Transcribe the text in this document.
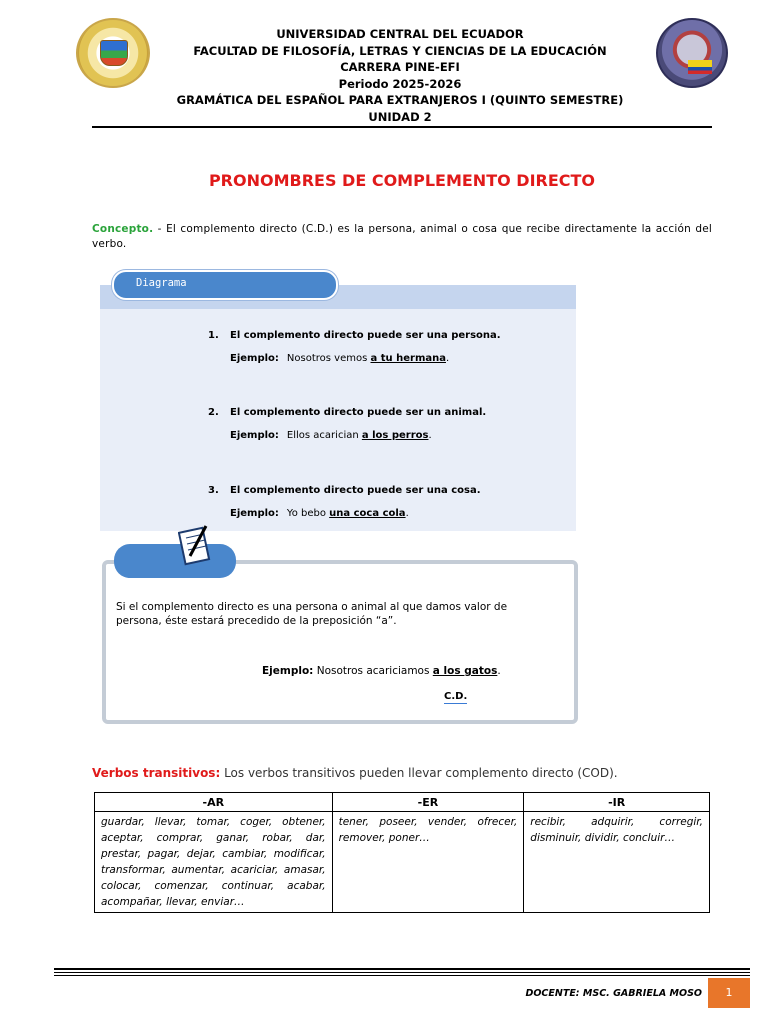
UNIVERSIDAD CENTRAL DEL ECUADOR
FACULTAD DE FILOSOFÍA, LETRAS Y CIENCIAS DE LA EDUCACIÓN
CARRERA PINE-EFI
Periodo 2025-2026
GRAMÁTICA DEL ESPAÑOL PARA EXTRANJEROS I (QUINTO SEMESTRE)
UNIDAD 2
PRONOMBRES DE COMPLEMENTO DIRECTO
Concepto. - El complemento directo (C.D.) es la persona, animal o cosa que recibe directamente la acción del verbo.
Diagrama
1. El complemento directo puede ser una persona.
Ejemplo: Nosotros vemos a tu hermana.
2. El complemento directo puede ser un animal.
Ejemplo: Ellos acarician a los perros.
3. El complemento directo puede ser una cosa.
Ejemplo: Yo bebo una coca cola.
Si el complemento directo es una persona o animal al que damos valor de persona, éste estará precedido de la preposición “a”.
Ejemplo: Nosotros acariciamos a los gatos.
C.D.
Verbos transitivos: Los verbos transitivos pueden llevar complemento directo (COD).
-AR	-ER	-IR
guardar, llevar, tomar, coger, obtener, aceptar, comprar, ganar, robar, dar, prestar, pagar, dejar, cambiar, modificar, transformar, aumentar, acariciar, amasar, colocar, comenzar, continuar, acabar, acompañar, llevar, enviar…	tener, poseer, vender, ofrecer, remover, poner…	recibir, adquirir, corregir, disminuir, dividir, concluir…
DOCENTE: MSC. GABRIELA MOSO	1
